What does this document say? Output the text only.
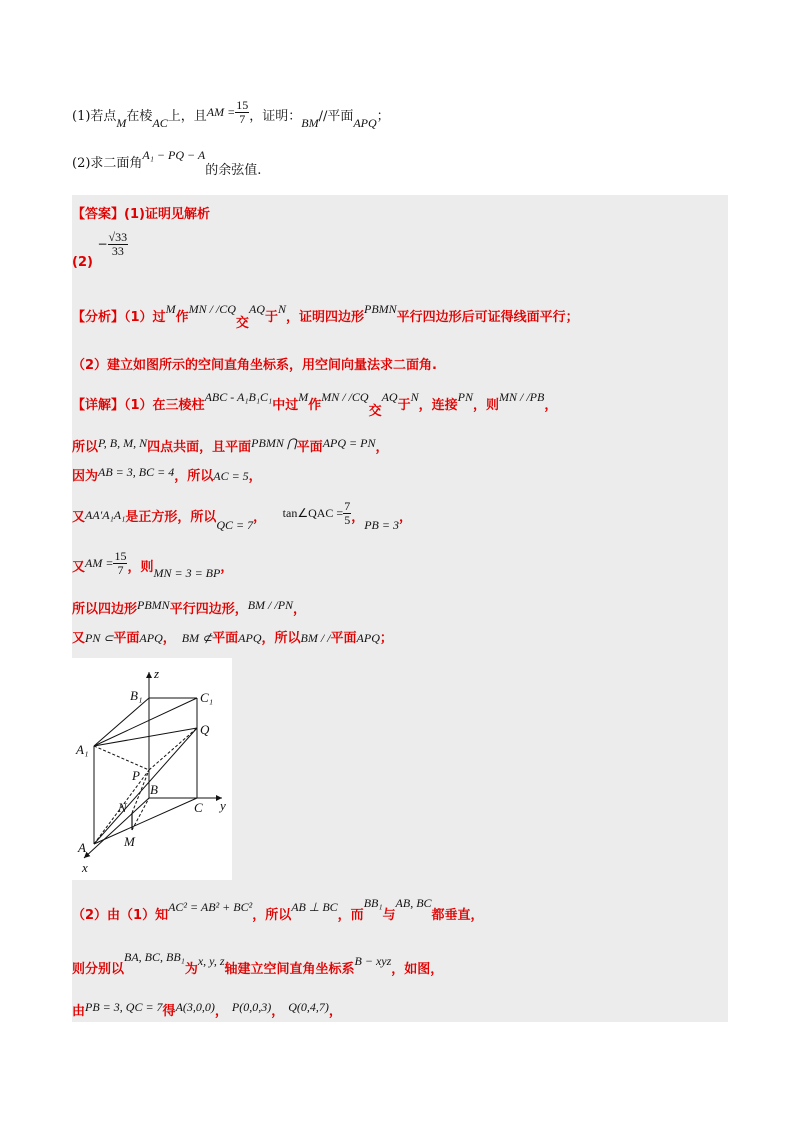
(1)若点M在棱AC上，且AM = $\frac{15}{7}$ ，证明：BM//平面APQ；
(2)求二面角A₁ − PQ − A的余弦值.
【答案】(1)证明见解析
$(2) - \frac{√33}{33}$
【分析】（1）过M作MN / /CQ交AQ于N，证明四边形PBMN平行四边形后可证得线面平行；
（2）建立如图所示的空间直角坐标系，用空间向量法求二面角.
【详解】（1）在三棱柱ABC - A₁B₁C₁中过M作MN / /CQ交AQ于N，连接PN，则MN / /PB，
所以P, B, M, N四点共面，且平面PBMN ⋂平面APQ = PN，
因为AB = 3, BC = 4，所以AC = 5，
又AA′A₁A₁是正方形，所以QC = 7， tan∠QAC = $\frac{7}{5}$ ，PB = 3，
又AM = $\frac{15}{7}$ ，则MN = 3 = BP，
所以四边形PBMN平行四边形，BM / /PN，
又PN ⊂平面APQ， BM ⊄平面APQ，所以BM / /平面APQ；
z
y
x
B₁	C₁
A₁
Q
P
B
C
N
A	M
（2）由（1）知AC² = AB² + BC²，所以AB ⊥ BC，而BB₁与AB, BC都垂直，
则分别以BA, BC, BB₁为x, y, z轴建立空间直角坐标系B − xyz，如图，
由PB = 3, QC = 7得A(3,0,0)， P(0,0,3)， Q(0,4,7)，
